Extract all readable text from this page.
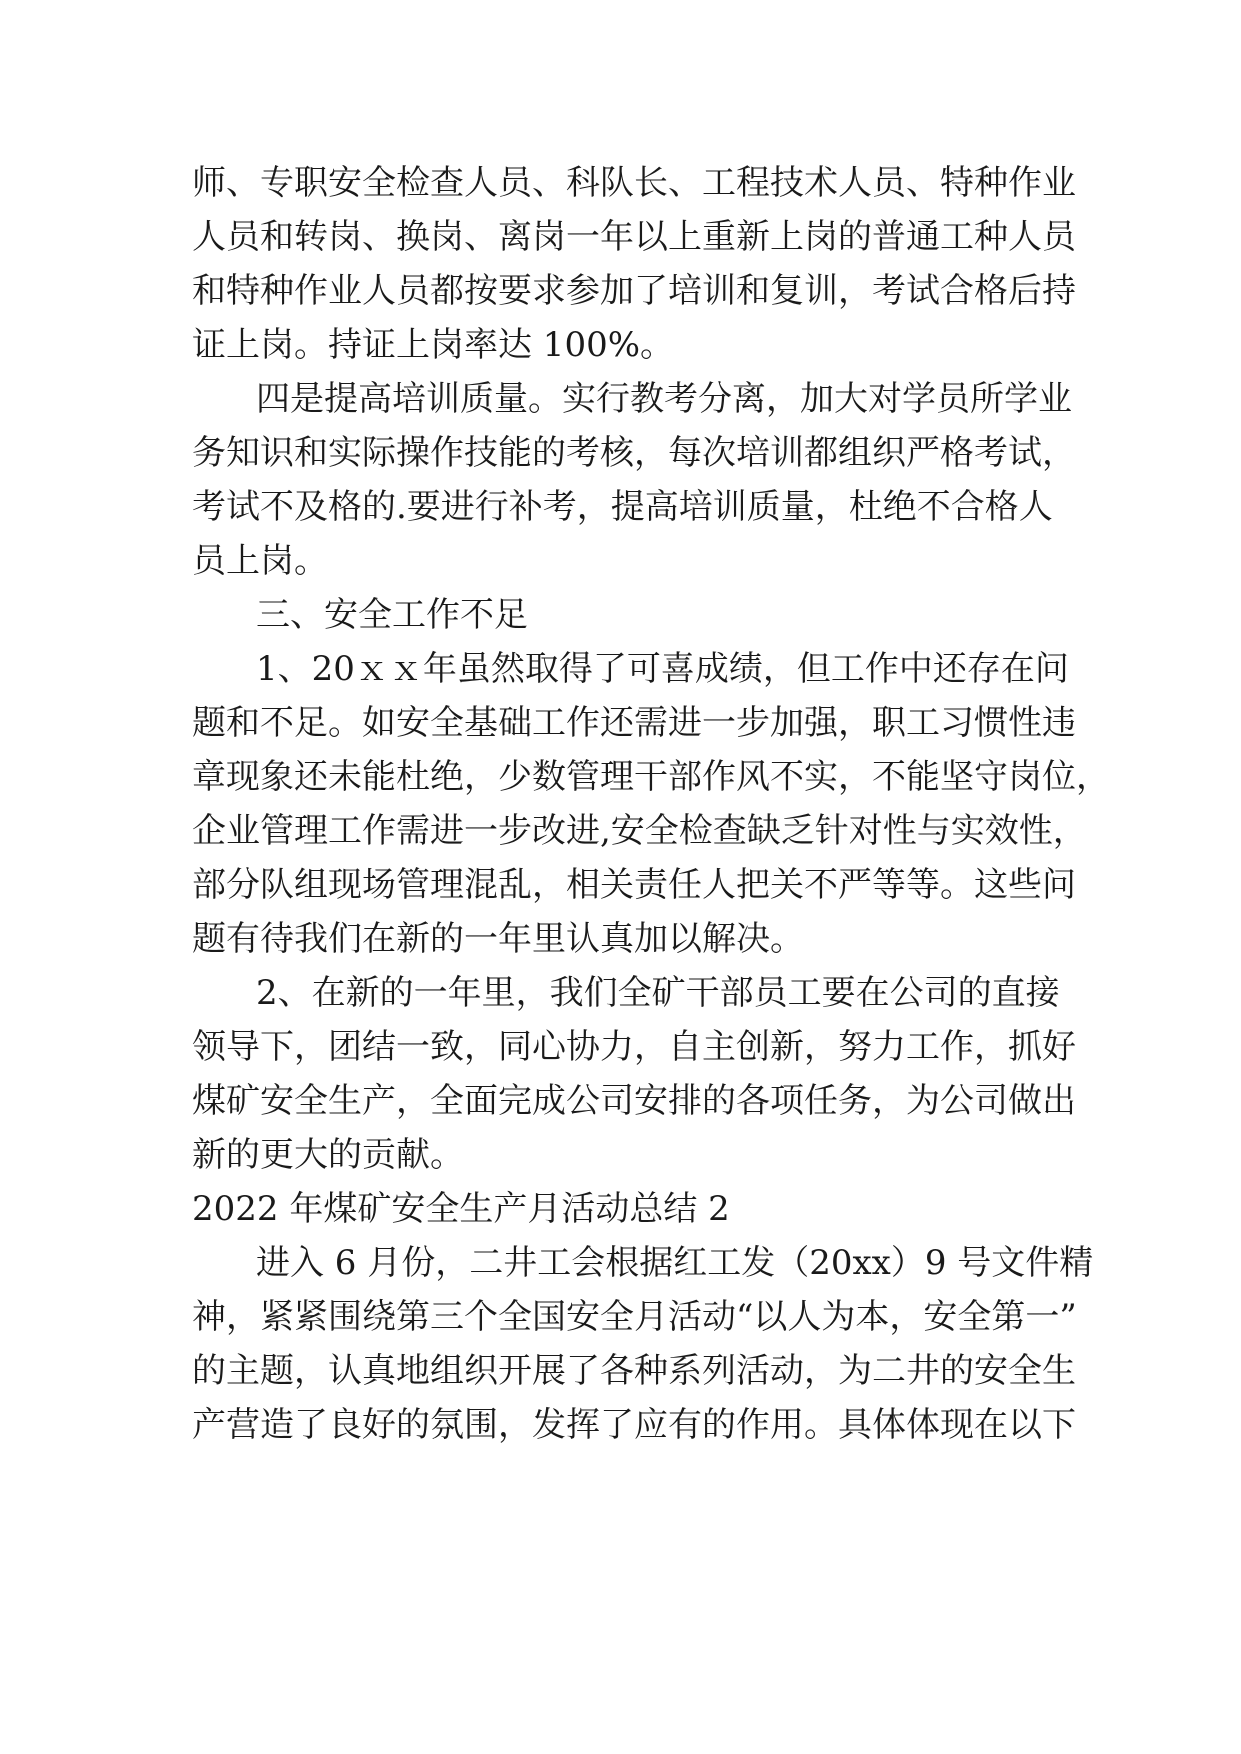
师、专职安全检查人员、科队长、工程技术人员、特种作业
人员和转岗、换岗、离岗一年以上重新上岗的普通工种人员
和特种作业人员都按要求参加了培训和复训，考试合格后持
证上岗。持证上岗率达 100%。
四是提高培训质量。实行教考分离，加大对学员所学业
务知识和实际操作技能的考核，每次培训都组织严格考试，
考试不及格的.要进行补考，提高培训质量，杜绝不合格人
员上岗。
三、安全工作不足
1、20ｘｘ年虽然取得了可喜成绩，但工作中还存在问
题和不足。如安全基础工作还需进一步加强，职工习惯性违
章现象还未能杜绝，少数管理干部作风不实，不能坚守岗位，
企业管理工作需进一步改进,安全检查缺乏针对性与实效性，
部分队组现场管理混乱，相关责任人把关不严等等。这些问
题有待我们在新的一年里认真加以解决。
2、在新的一年里，我们全矿干部员工要在公司的直接
领导下，团结一致，同心协力，自主创新，努力工作，抓好
煤矿安全生产，全面完成公司安排的各项任务，为公司做出
新的更大的贡献。
2022 年煤矿安全生产月活动总结 2
进入 6 月份，二井工会根据红工发（20xx）9 号文件精
神，紧紧围绕第三个全国安全月活动“以人为本，安全第一”
的主题，认真地组织开展了各种系列活动，为二井的安全生
产营造了良好的氛围，发挥了应有的作用。具体体现在以下
